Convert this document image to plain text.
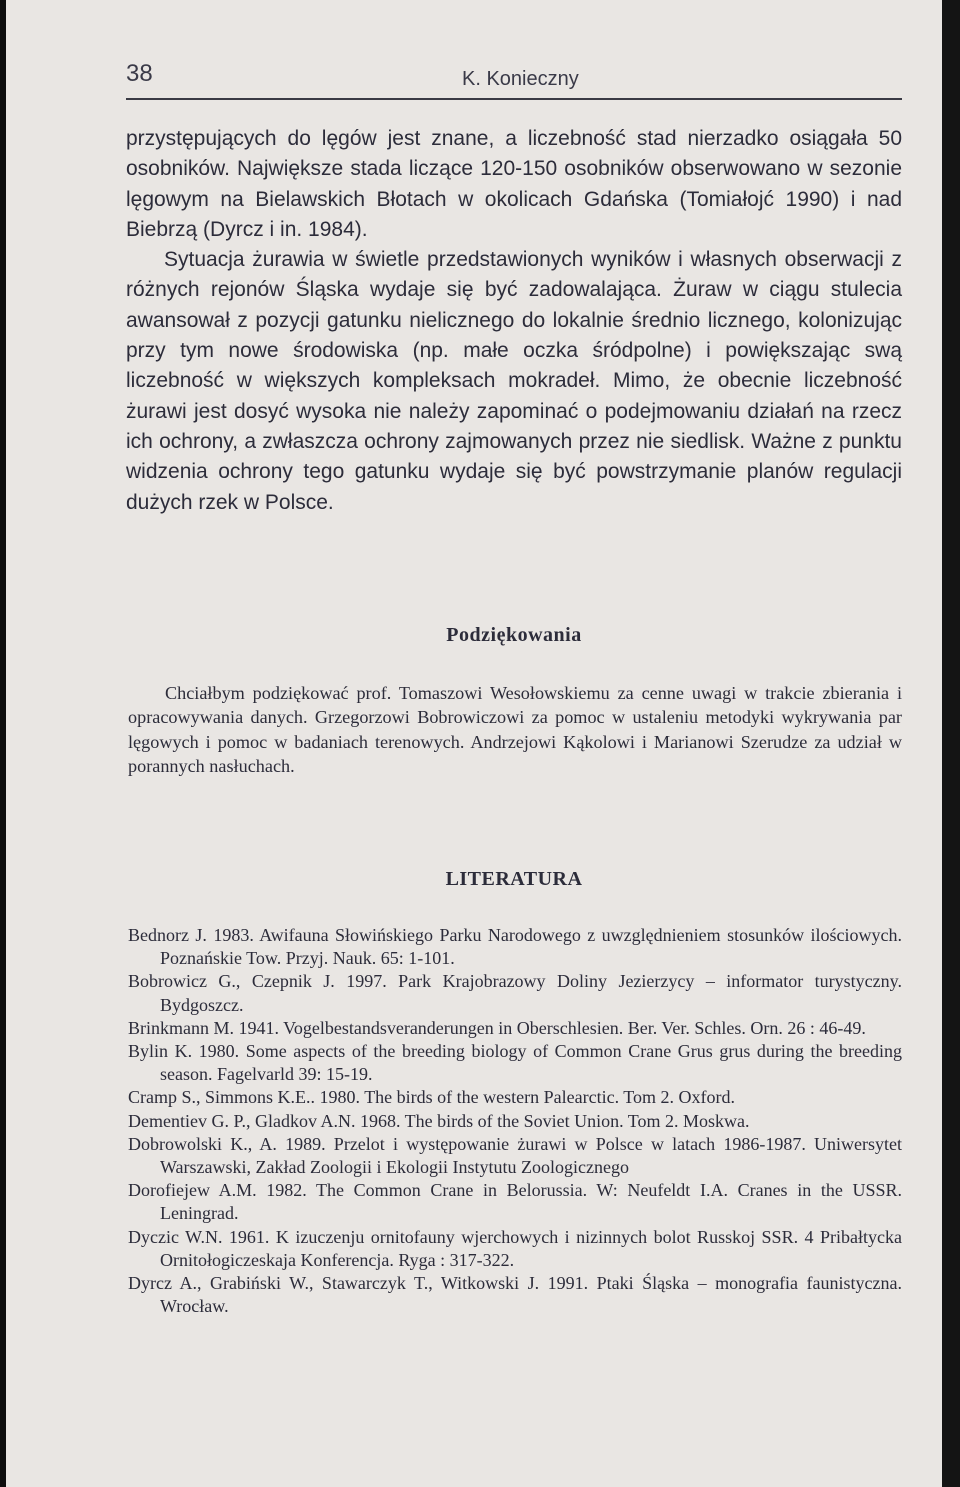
38	K. Konieczny

przystępujących do lęgów jest znane, a liczebność stad nierzadko osiągała 50 osobników. Największe stada liczące 120-150 osobników obserwowano w sezonie lęgowym na Bielawskich Błotach w okolicach Gdańska (Tomiałojć 1990) i nad Biebrzą (Dyrcz i in. 1984).

Sytuacja żurawia w świetle przedstawionych wyników i własnych obserwacji z różnych rejonów Śląska wydaje się być zadowalająca. Żuraw w ciągu stulecia awansował z pozycji gatunku nielicznego do lokalnie średnio licznego, kolonizując przy tym nowe środowiska (np. małe oczka śródpolne) i powiększając swą liczebność w większych kompleksach mokradeł. Mimo, że obecnie liczebność żurawi jest dosyć wysoka nie należy zapominać o podejmowaniu działań na rzecz ich ochrony, a zwłaszcza ochrony zajmowanych przez nie siedlisk. Ważne z punktu widzenia ochrony tego gatunku wydaje się być powstrzymanie planów regulacji dużych rzek w Polsce.

Podziękowania

Chciałbym podziękować prof. Tomaszowi Wesołowskiemu za cenne uwagi w trakcie zbierania i opracowywania danych. Grzegorzowi Bobrowiczowi za pomoc w ustaleniu metodyki wykrywania par lęgowych i pomoc w badaniach terenowych. Andrzejowi Kąkolowi i Marianowi Szerudze za udział w porannych nasłuchach.

LITERATURA
Bednorz J. 1983. Awifauna Słowińskiego Parku Narodowego z uwzględnieniem stosunków ilościowych. Poznańskie Tow. Przyj. Nauk. 65: 1-101.
Bobrowicz G., Czepnik J. 1997. Park Krajobrazowy Doliny Jezierzycy – informator turystyczny. Bydgoszcz.
Brinkmann M. 1941. Vogelbestandsveranderungen in Oberschlesien. Ber. Ver. Schles. Orn. 26 : 46-49.
Bylin K. 1980. Some aspects of the breeding biology of Common Crane Grus grus during the breeding season. Fagelvarld 39: 15-19.
Cramp S., Simmons K.E.. 1980. The birds of the western Palearctic. Tom 2. Oxford.
Dementiev G. P., Gladkov A.N. 1968. The birds of the Soviet Union. Tom 2. Moskwa.
Dobrowolski K., A. 1989. Przelot i występowanie żurawi w Polsce w latach 1986-1987. Uniwersytet Warszawski, Zakład Zoologii i Ekologii Instytutu Zoologicznego
Dorofiejew A.M. 1982. The Common Crane in Belorussia. W: Neufeldt I.A. Cranes in the USSR. Leningrad.
Dyczic W.N. 1961. K izuczenju ornitofauny wjerchowych i nizinnych bolot Russkoj SSR. 4 Pribałtycka Ornitołogiczeskaja Konferencja. Ryga : 317-322.
Dyrcz A., Grabiński W., Stawarczyk T., Witkowski J. 1991. Ptaki Śląska – monografia faunistyczna. Wrocław.
